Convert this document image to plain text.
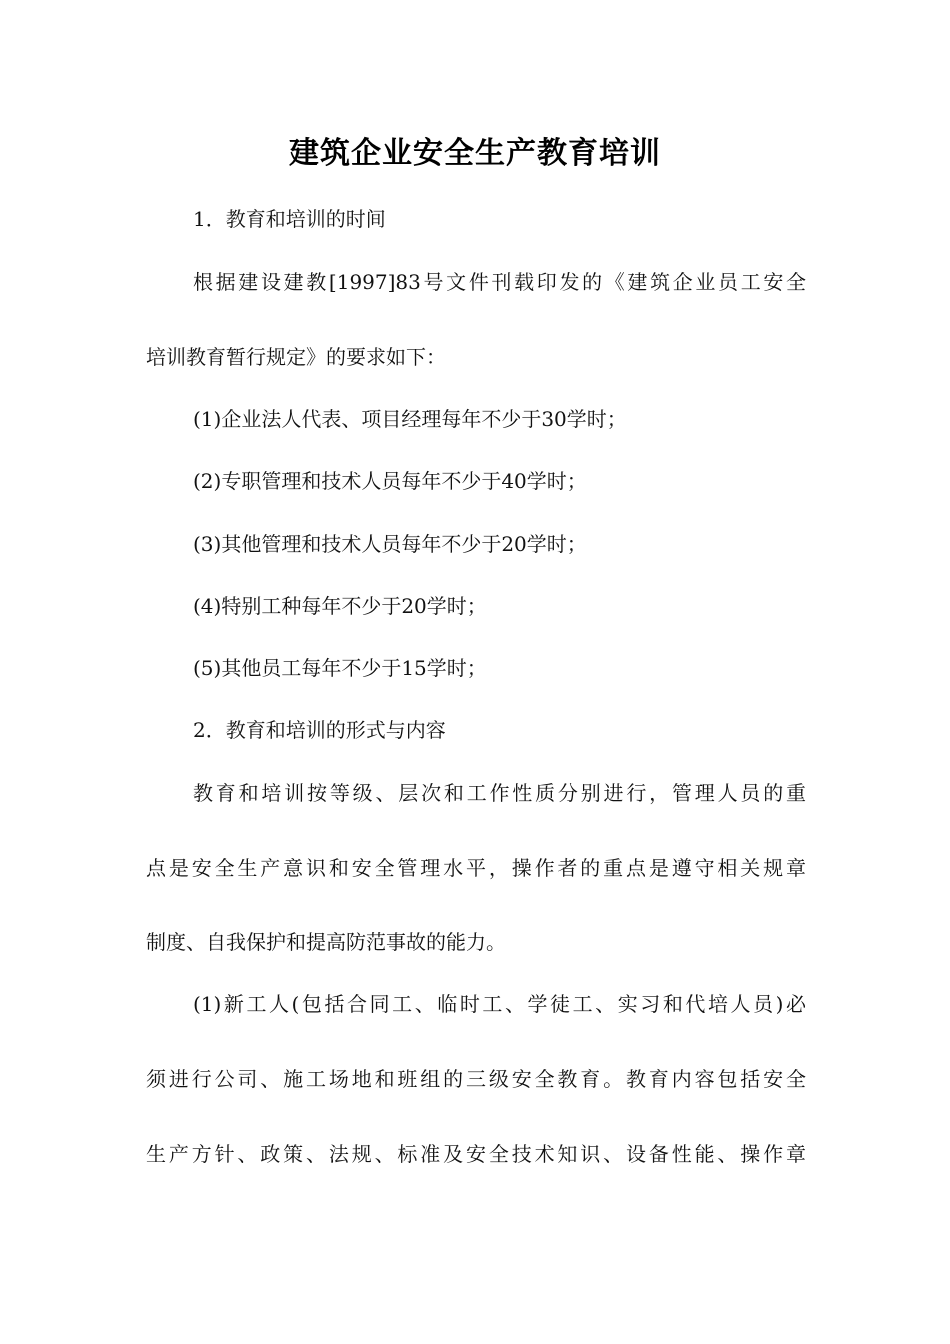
建筑企业安全生产教育培训
1．教育和培训的时间
根据建设建教[1997]83号文件刊载印发的《建筑企业员工安全
培训教育暂行规定》的要求如下：
(1)企业法人代表、项目经理每年不少于30学时；
(2)专职管理和技术人员每年不少于40学时；
(3)其他管理和技术人员每年不少于20学时；
(4)特别工种每年不少于20学时；
(5)其他员工每年不少于15学时；
2．教育和培训的形式与内容
教育和培训按等级、层次和工作性质分别进行，管理人员的重
点是安全生产意识和安全管理水平，操作者的重点是遵守相关规章
制度、自我保护和提高防范事故的能力。
(1)新工人(包括合同工、临时工、学徒工、实习和代培人员)必
须进行公司、施工场地和班组的三级安全教育。教育内容包括安全
生产方针、政策、法规、标准及安全技术知识、设备性能、操作章
